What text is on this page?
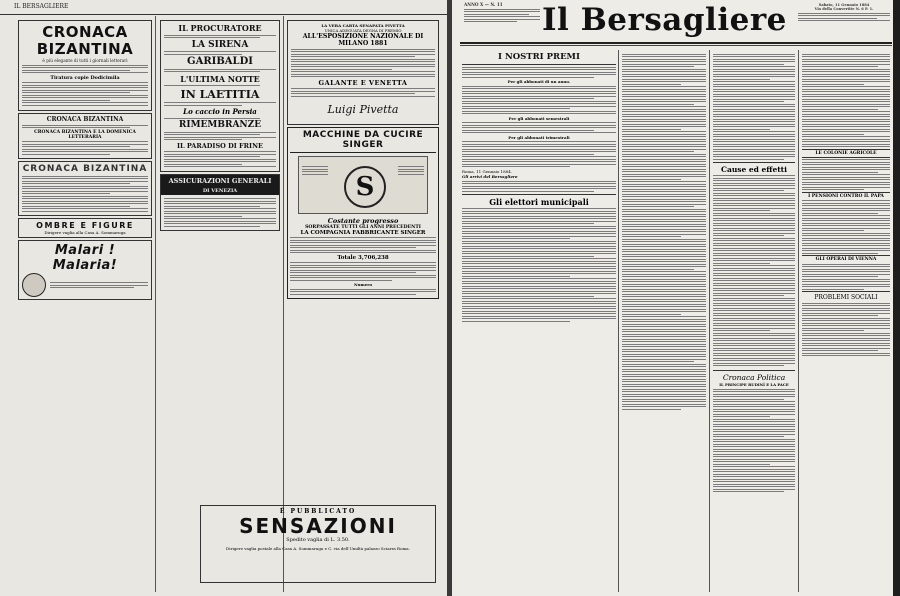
IL BERSAGLIERE
CRONACA BIZANTINA
è più elegante di tutti i giornali letterari
Tiratura copie Dodicimila
CRONACA BIZANTINA
CRONACA BIZANTINA E LA DOMENICA LETTERARIA
CRONACA BIZANTINA
OMBRE E FIGURE
Dirigere vaglia alla Casa A. Sommaruga
Malari ! Malaria!
IL PROCURATORE
LA SIRENA
GARIBALDI
L'ULTIMA NOTTE
IN LAETITIA
Lo caccio in Persia
RIMEMBRANZE
IL PARADISO DI FRINE
ASSICURAZIONI GENERALI
DI VENEZIA
LA VERA CARTA SENAPATA PIVETTA
UNICA ADEGUATA DEGNA DI PREMIO
ALL'ESPOSIZIONE NAZIONALE DI MILANO 1881
GALANTE E VENETTA
Luigi Pivetta
MACCHINE DA CUCIRE SINGER
S
Costante progresso
SORPASSATE TUTTI GLI ANNI PRECEDENTI
LA COMPAGNIA FABBRICANTE SINGER
Totale 3,706,238
Numero
È PUBBLICATO
SENSAZIONI
Spedito vaglia di L. 3.50.
Dirigere vaglia postale alla Casa A. Sommaruga e C. via dell'Umiltà palazzo Sciarra Roma.
ANNO X — N. 11	Il Bersagliere	Sabato, 11 Gennaio 1884
Via della Convertite N. 6 P. 1.
I NOSTRI PREMI
Per gli abbonati di un anno.
Per gli abbonati semestrali
Per gli abbonati trimestrali
Roma, 11 Gennaio 1884.
Gli arrivi del Bersagliere
Gli elettori municipali
Cause ed effetti
Cronaca Politica
IL PRINCIPE RUDINÌ E LA PACE
LE COLONIE AGRICOLE
I PENSIONI CONTRO IL PAPA
GLI OPERAI DI VIENNA
PROBLEMI SOCIALI
